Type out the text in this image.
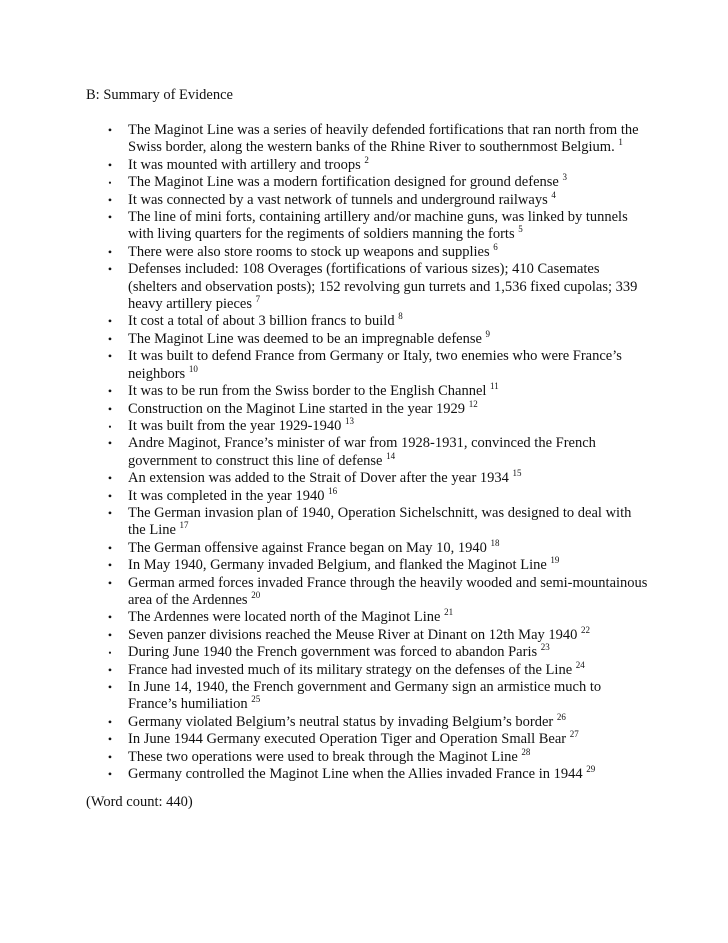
B: Summary of Evidence
•	The Maginot Line was a series of heavily defended fortifications that ran north from the Swiss border, along the western banks of the Rhine River to southernmost Belgium. $^1$
•	It was mounted with artillery and troops $^2$
•	The Maginot Line was a modern fortification designed for ground defense $^3$
•	It was connected by a vast network of tunnels and underground railways $^4$
•	The line of mini forts, containing artillery and/or machine guns, was linked by tunnels with living quarters for the regiments of soldiers manning the forts $^5$
•	There were also store rooms to stock up weapons and supplies $^6$
•	Defenses included: 108 Overages (fortifications of various sizes); 410 Casemates (shelters and observation posts); 152 revolving gun turrets and 1,536 fixed cupolas; 339 heavy artillery pieces $^7$
•	It cost a total of about 3 billion francs to build $^8$
•	The Maginot Line was deemed to be an impregnable defense $^9$
•	It was built to defend France from Germany or Italy, two enemies who were France’s neighbors $^{10}$
•	It was to be run from the Swiss border to the English Channel $^{11}$
•	Construction on the Maginot Line started in the year 1929 $^{12}$
•	It was built from the year 1929-1940 $^{13}$
•	Andre Maginot, France’s minister of war from 1928-1931, convinced the French government to construct this line of defense $^{14}$
•	An extension was added to the Strait of Dover after the year 1934 $^{15}$
•	It was completed in the year 1940 $^{16}$
•	The German invasion plan of 1940, Operation Sichelschnitt, was designed to deal with the Line $^{17}$
•	The German offensive against France began on May 10, 1940 $^{18}$
•	In May 1940, Germany invaded Belgium, and flanked the Maginot Line $^{19}$
•	German armed forces invaded France through the heavily wooded and semi-mountainous area of the Ardennes $^{20}$
•	The Ardennes were located north of the Maginot Line $^{21}$
•	Seven panzer divisions reached the Meuse River at Dinant on 12th May 1940 $^{22}$
•	During June 1940 the French government was forced to abandon Paris $^{23}$
•	France had invested much of its military strategy on the defenses of the Line $^{24}$
•	In June 14, 1940, the French government and Germany sign an armistice much to France’s humiliation $^{25}$
•	Germany violated Belgium’s neutral status by invading Belgium’s border $^{26}$
•	In June 1944 Germany executed Operation Tiger and Operation Small Bear $^{27}$
•	These two operations were used to break through the Maginot Line $^{28}$
•	Germany controlled the Maginot Line when the Allies invaded France in 1944 $^{29}$
(Word count: 440)
